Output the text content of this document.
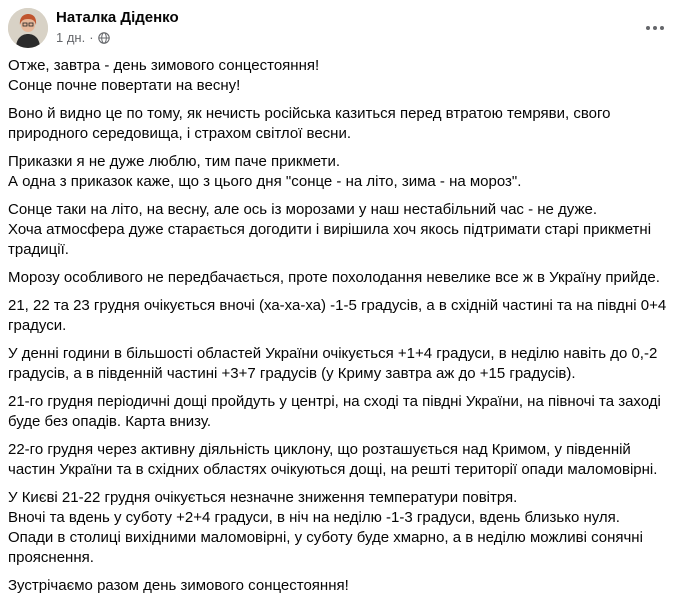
Наталка Діденко
1 дн. ·

Отже, завтра - день зимового сонцестояння!
Сонце почне повертати на весну!

Воно й видно це по тому, як нечисть російська казиться перед втратою темряви, свого природного середовища, і страхом світлої весни.

Приказки я не дуже люблю, тим паче прикмети.
А одна з приказок каже, що з цього дня "сонце - на літо, зима - на мороз".

Сонце таки на літо, на весну, але ось із морозами у наш нестабільний час - не дуже.
Хоча атмосфера дуже старається догодити і вирішила хоч якось підтримати старі прикметні традиції.

Морозу особливого не передбачається, проте похолодання невелике все ж в Україну прийде.

21, 22 та 23 грудня очікується вночі (ха-ха-ха) -1-5 градусів, а в східній частині та на півдні 0+4 градуси.

У денні години в більшості областей України очікується +1+4 градуси, в неділю навіть до 0,-2 градусів, а в південній частині +3+7 градусів (у Криму завтра аж до +15 градусів).

21-го грудня періодичні дощі пройдуть у центрі, на сході та півдні України, на півночі та заході буде без опадів. Карта внизу.

22-го грудня через активну діяльність циклону, що розташується над Кримом, у південній частин України та в східних областях очікуються дощі, на решті території опади маломовірні.

У Києві 21-22 грудня очікується незначне зниження температури повітря.
Вночі та вдень у суботу +2+4 градуси, в ніч на неділю -1-3 градуси, вдень близько нуля.
Опади в столиці вихідними маломовірні, у суботу буде хмарно, а в неділю можливі сонячні прояснення.

Зустрічаємо разом день зимового сонцестояння!
